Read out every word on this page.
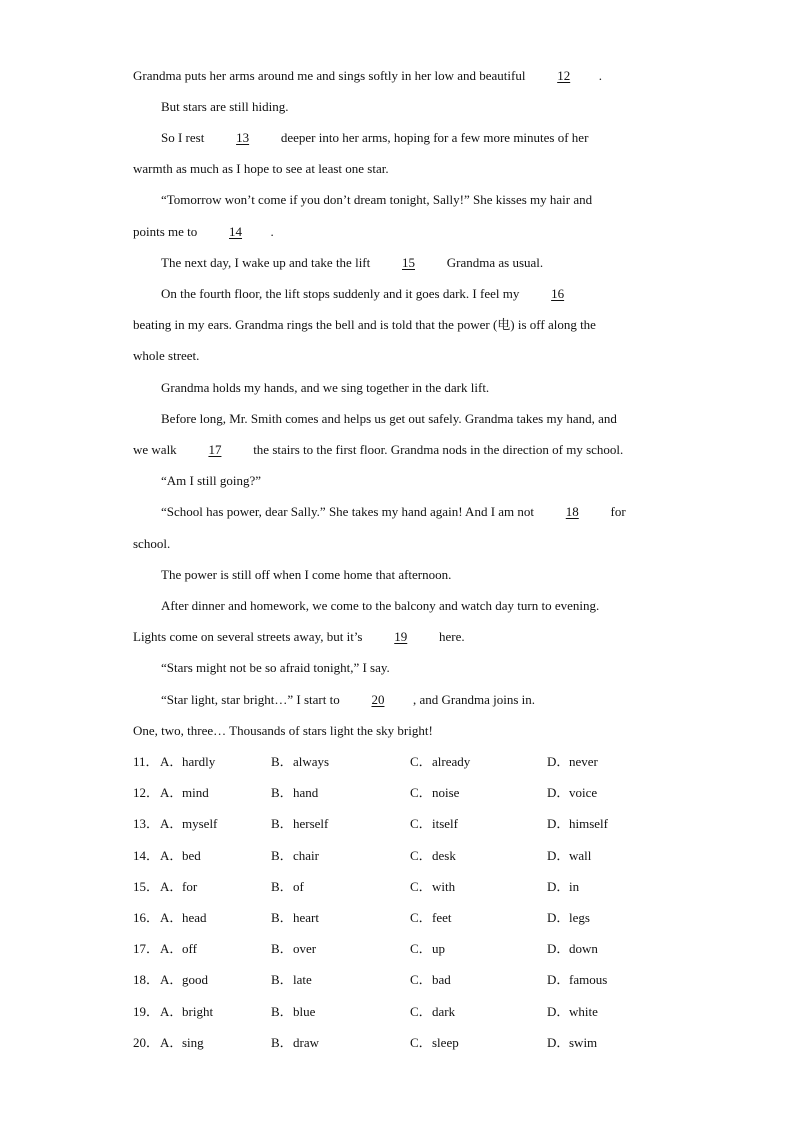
Grandma puts her arms around me and sings softly in her low and beautiful 12 .
But stars are still hiding.
So I rest 13 deeper into her arms, hoping for a few more minutes of her
warmth as much as I hope to see at least one star.
“Tomorrow won’t come if you don’t dream tonight, Sally!” She kisses my hair and
points me to 14 .
The next day, I wake up and take the lift 15 Grandma as usual.
On the fourth floor, the lift stops suddenly and it goes dark. I feel my 16
beating in my ears. Grandma rings the bell and is told that the power (电) is off along the
whole street.
Grandma holds my hands, and we sing together in the dark lift.
Before long, Mr. Smith comes and helps us get out safely. Grandma takes my hand, and
we walk 17 the stairs to the first floor. Grandma nods in the direction of my school.
“Am I still going?”
“School has power, dear Sally.” She takes my hand again! And I am not 18 for
school.
The power is still off when I come home that afternoon.
After dinner and homework, we come to the balcony and watch day turn to evening.
Lights come on several streets away, but it’s 19 here.
“Stars might not be so afraid tonight,” I say.
“Star light, star bright…” I start to 20 , and Grandma joins in.
One, two, three… Thousands of stars light the sky bright!
11． A．hardly	B．always	C．already	D．never
12． A．mind	B．hand	C．noise	D．voice
13． A．myself	B．herself	C．itself	D．himself
14． A．bed	B．chair	C．desk	D．wall
15． A．for	B．of	C．with	D．in
16． A．head	B．heart	C．feet	D．legs
17． A．off	B．over	C．up	D．down
18． A．good	B．late	C．bad	D．famous
19． A．bright	B．blue	C．dark	D．white
20． A．sing	B．draw	C．sleep	D．swim
